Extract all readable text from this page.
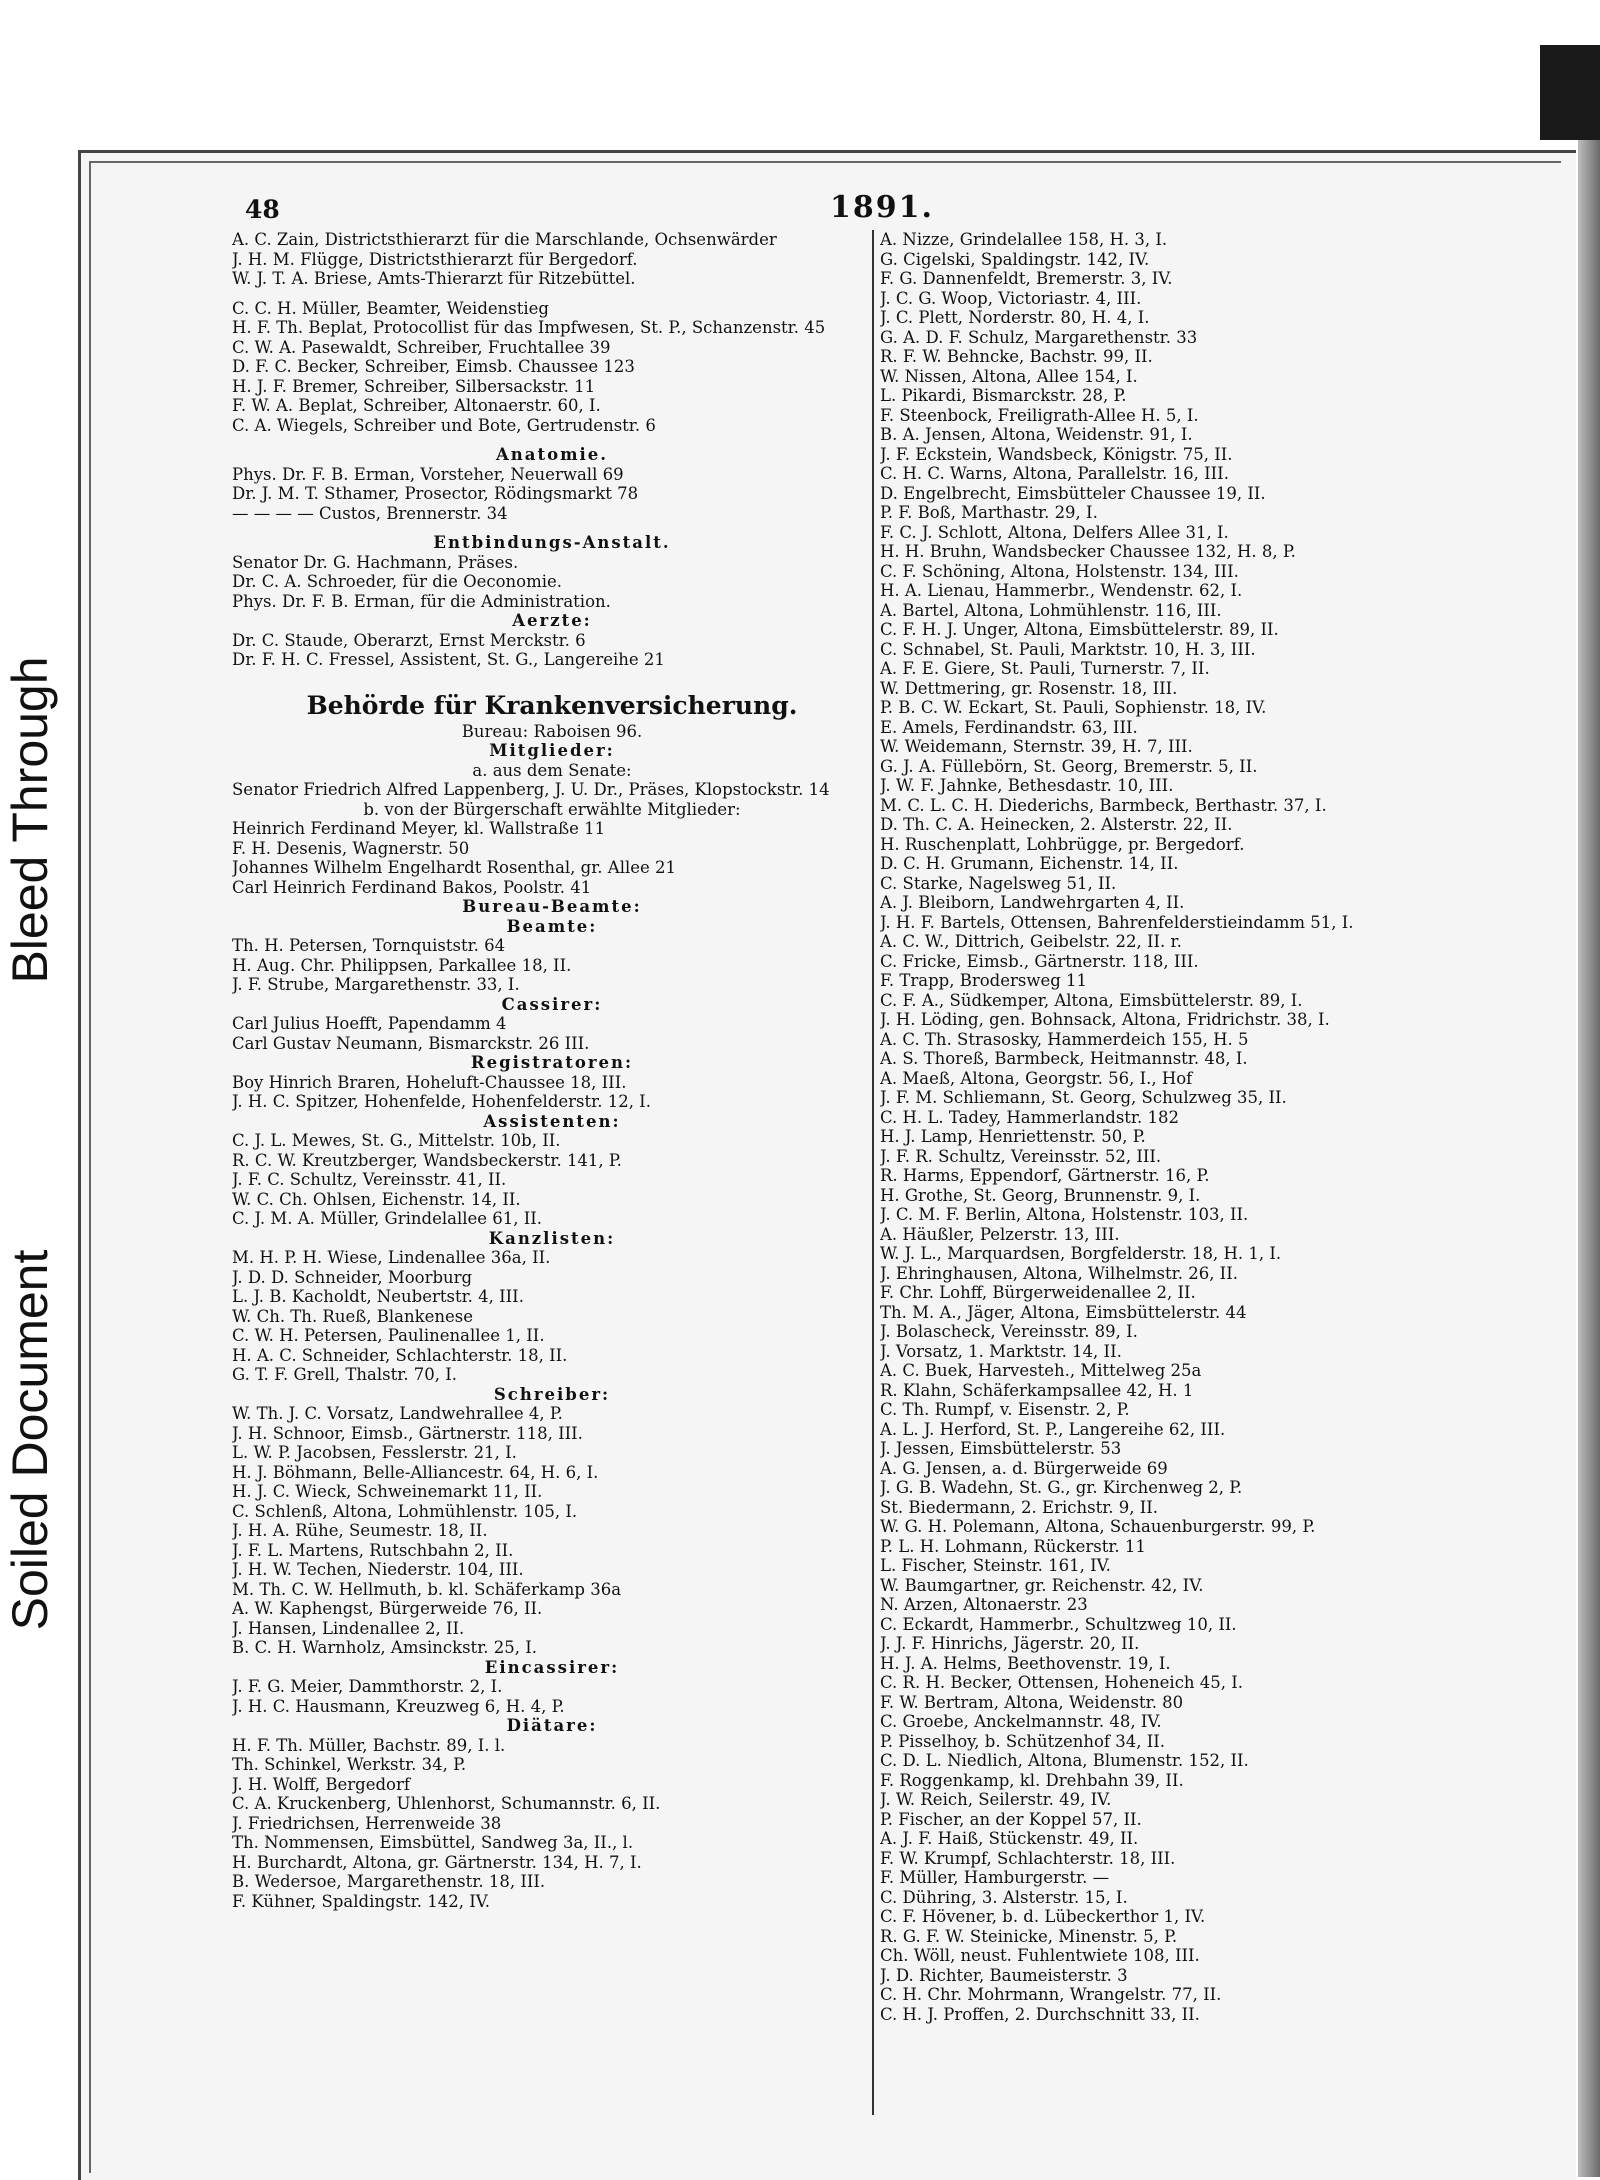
Soiled Document
Bleed Through
48	1891.
A. C. Zain, Districtsthierarzt für die Marschlande, Ochsenwärder
J. H. M. Flügge, Districtsthierarzt für Bergedorf.
W. J. T. A. Briese, Amts-Thierarzt für Ritzebüttel.
C. C. H. Müller, Beamter, Weidenstieg
H. F. Th. Beplat, Protocollist für das Impfwesen, St. P., Schanzenstr. 45
C. W. A. Pasewaldt, Schreiber, Fruchtallee 39
D. F. C. Becker, Schreiber, Eimsb. Chaussee 123
H. J. F. Bremer, Schreiber, Silbersackstr. 11
F. W. A. Beplat, Schreiber, Altonaerstr. 60, I.
C. A. Wiegels, Schreiber und Bote, Gertrudenstr. 6
Anatomie.
Phys. Dr. F. B. Erman, Vorsteher, Neuerwall 69
Dr. J. M. T. Sthamer, Prosector, Rödingsmarkt 78
— — — — Custos, Brennerstr. 34
Entbindungs-Anstalt.
Senator Dr. G. Hachmann, Präses.
Dr. C. A. Schroeder, für die Oeconomie.
Phys. Dr. F. B. Erman, für die Administration.
Aerzte:
Dr. C. Staude, Oberarzt, Ernst Merckstr. 6
Dr. F. H. C. Fressel, Assistent, St. G., Langereihe 21
Behörde für Krankenversicherung.
Bureau: Raboisen 96.
Mitglieder:
a. aus dem Senate:
Senator Friedrich Alfred Lappenberg, J. U. Dr., Präses, Klopstockstr. 14
b. von der Bürgerschaft erwählte Mitglieder:
Heinrich Ferdinand Meyer, kl. Wallstraße 11
F. H. Desenis, Wagnerstr. 50
Johannes Wilhelm Engelhardt Rosenthal, gr. Allee 21
Carl Heinrich Ferdinand Bakos, Poolstr. 41
Bureau-Beamte:
Beamte:
Th. H. Petersen, Tornquiststr. 64
H. Aug. Chr. Philippsen, Parkallee 18, II.
J. F. Strube, Margarethenstr. 33, I.
Cassirer:
Carl Julius Hoefft, Papendamm 4
Carl Gustav Neumann, Bismarckstr. 26 III.
Registratoren:
Boy Hinrich Braren, Hoheluft-Chaussee 18, III.
J. H. C. Spitzer, Hohenfelde, Hohenfelderstr. 12, I.
Assistenten:
C. J. L. Mewes, St. G., Mittelstr. 10b, II.
R. C. W. Kreutzberger, Wandsbeckerstr. 141, P.
J. F. C. Schultz, Vereinsstr. 41, II.
W. C. Ch. Ohlsen, Eichenstr. 14, II.
C. J. M. A. Müller, Grindelallee 61, II.
Kanzlisten:
M. H. P. H. Wiese, Lindenallee 36a, II.
J. D. D. Schneider, Moorburg
L. J. B. Kacholdt, Neubertstr. 4, III.
W. Ch. Th. Rueß, Blankenese
C. W. H. Petersen, Paulinenallee 1, II.
H. A. C. Schneider, Schlachterstr. 18, II.
G. T. F. Grell, Thalstr. 70, I.
Schreiber:
W. Th. J. C. Vorsatz, Landwehrallee 4, P.
J. H. Schnoor, Eimsb., Gärtnerstr. 118, III.
L. W. P. Jacobsen, Fesslerstr. 21, I.
H. J. Böhmann, Belle-Alliancestr. 64, H. 6, I.
H. J. C. Wieck, Schweinemarkt 11, II.
C. Schlenß, Altona, Lohmühlenstr. 105, I.
J. H. A. Rühe, Seumestr. 18, II.
J. F. L. Martens, Rutschbahn 2, II.
J. H. W. Techen, Niederstr. 104, III.
M. Th. C. W. Hellmuth, b. kl. Schäferkamp 36a
A. W. Kaphengst, Bürgerweide 76, II.
J. Hansen, Lindenallee 2, II.
B. C. H. Warnholz, Amsinckstr. 25, I.
Eincassirer:
J. F. G. Meier, Dammthorstr. 2, I.
J. H. C. Hausmann, Kreuzweg 6, H. 4, P.
Diätare:
H. F. Th. Müller, Bachstr. 89, I. l.
Th. Schinkel, Werkstr. 34, P.
J. H. Wolff, Bergedorf
C. A. Kruckenberg, Uhlenhorst, Schumannstr. 6, II.
J. Friedrichsen, Herrenweide 38
Th. Nommensen, Eimsbüttel, Sandweg 3a, II., l.
H. Burchardt, Altona, gr. Gärtnerstr. 134, H. 7, I.
B. Wedersoe, Margarethenstr. 18, III.
F. Kühner, Spaldingstr. 142, IV.
A. Nizze, Grindelallee 158, H. 3, I.
G. Cigelski, Spaldingstr. 142, IV.
F. G. Dannenfeldt, Bremerstr. 3, IV.
J. C. G. Woop, Victoriastr. 4, III.
J. C. Plett, Norderstr. 80, H. 4, I.
G. A. D. F. Schulz, Margarethenstr. 33
R. F. W. Behncke, Bachstr. 99, II.
W. Nissen, Altona, Allee 154, I.
L. Pikardi, Bismarckstr. 28, P.
F. Steenbock, Freiligrath-Allee H. 5, I.
B. A. Jensen, Altona, Weidenstr. 91, I.
J. F. Eckstein, Wandsbeck, Königstr. 75, II.
C. H. C. Warns, Altona, Parallelstr. 16, III.
D. Engelbrecht, Eimsbütteler Chaussee 19, II.
P. F. Boß, Marthastr. 29, I.
F. C. J. Schlott, Altona, Delfers Allee 31, I.
H. H. Bruhn, Wandsbecker Chaussee 132, H. 8, P.
C. F. Schöning, Altona, Holstenstr. 134, III.
H. A. Lienau, Hammerbr., Wendenstr. 62, I.
A. Bartel, Altona, Lohmühlenstr. 116, III.
C. F. H. J. Unger, Altona, Eimsbüttelerstr. 89, II.
C. Schnabel, St. Pauli, Marktstr. 10, H. 3, III.
A. F. E. Giere, St. Pauli, Turnerstr. 7, II.
W. Dettmering, gr. Rosenstr. 18, III.
P. B. C. W. Eckart, St. Pauli, Sophienstr. 18, IV.
E. Amels, Ferdinandstr. 63, III.
W. Weidemann, Sternstr. 39, H. 7, III.
G. J. A. Füllebörn, St. Georg, Bremerstr. 5, II.
J. W. F. Jahnke, Bethesdastr. 10, III.
M. C. L. C. H. Diederichs, Barmbeck, Berthastr. 37, I.
D. Th. C. A. Heinecken, 2. Alsterstr. 22, II.
H. Ruschenplatt, Lohbrügge, pr. Bergedorf.
D. C. H. Grumann, Eichenstr. 14, II.
C. Starke, Nagelsweg 51, II.
A. J. Bleiborn, Landwehrgarten 4, II.
J. H. F. Bartels, Ottensen, Bahrenfelderstieindamm 51, I.
A. C. W., Dittrich, Geibelstr. 22, II. r.
C. Fricke, Eimsb., Gärtnerstr. 118, III.
F. Trapp, Brodersweg 11
C. F. A., Südkemper, Altona, Eimsbüttelerstr. 89, I.
J. H. Löding, gen. Bohnsack, Altona, Fridrichstr. 38, I.
A. C. Th. Strasosky, Hammerdeich 155, H. 5
A. S. Thoreß, Barmbeck, Heitmannstr. 48, I.
A. Maeß, Altona, Georgstr. 56, I., Hof
J. F. M. Schliemann, St. Georg, Schulzweg 35, II.
C. H. L. Tadey, Hammerlandstr. 182
H. J. Lamp, Henriettenstr. 50, P.
J. F. R. Schultz, Vereinsstr. 52, III.
R. Harms, Eppendorf, Gärtnerstr. 16, P.
H. Grothe, St. Georg, Brunnenstr. 9, I.
J. C. M. F. Berlin, Altona, Holstenstr. 103, II.
A. Häußler, Pelzerstr. 13, III.
W. J. L., Marquardsen, Borgfelderstr. 18, H. 1, I.
J. Ehringhausen, Altona, Wilhelmstr. 26, II.
F. Chr. Lohff, Bürgerweidenallee 2, II.
Th. M. A., Jäger, Altona, Eimsbüttelerstr. 44
J. Bolascheck, Vereinsstr. 89, I.
J. Vorsatz, 1. Marktstr. 14, II.
A. C. Buek, Harvesteh., Mittelweg 25a
R. Klahn, Schäferkampsallee 42, H. 1
C. Th. Rumpf, v. Eisenstr. 2, P.
A. L. J. Herford, St. P., Langereihe 62, III.
J. Jessen, Eimsbüttelerstr. 53
A. G. Jensen, a. d. Bürgerweide 69
J. G. B. Wadehn, St. G., gr. Kirchenweg 2, P.
St. Biedermann, 2. Erichstr. 9, II.
W. G. H. Polemann, Altona, Schauenburgerstr. 99, P.
P. L. H. Lohmann, Rückerstr. 11
L. Fischer, Steinstr. 161, IV.
W. Baumgartner, gr. Reichenstr. 42, IV.
N. Arzen, Altonaerstr. 23
C. Eckardt, Hammerbr., Schultzweg 10, II.
J. J. F. Hinrichs, Jägerstr. 20, II.
H. J. A. Helms, Beethovenstr. 19, I.
C. R. H. Becker, Ottensen, Hoheneich 45, I.
F. W. Bertram, Altona, Weidenstr. 80
C. Groebe, Anckelmannstr. 48, IV.
P. Pisselhoy, b. Schützenhof 34, II.
C. D. L. Niedlich, Altona, Blumenstr. 152, II.
F. Roggenkamp, kl. Drehbahn 39, II.
J. W. Reich, Seilerstr. 49, IV.
P. Fischer, an der Koppel 57, II.
A. J. F. Haiß, Stückenstr. 49, II.
F. W. Krumpf, Schlachterstr. 18, III.
F. Müller, Hamburgerstr. —
C. Dühring, 3. Alsterstr. 15, I.
C. F. Hövener, b. d. Lübeckerthor 1, IV.
R. G. F. W. Steinicke, Minenstr. 5, P.
Ch. Wöll, neust. Fuhlentwiete 108, III.
J. D. Richter, Baumeisterstr. 3
C. H. Chr. Mohrmann, Wrangelstr. 77, II.
C. H. J. Proffen, 2. Durchschnitt 33, II.
